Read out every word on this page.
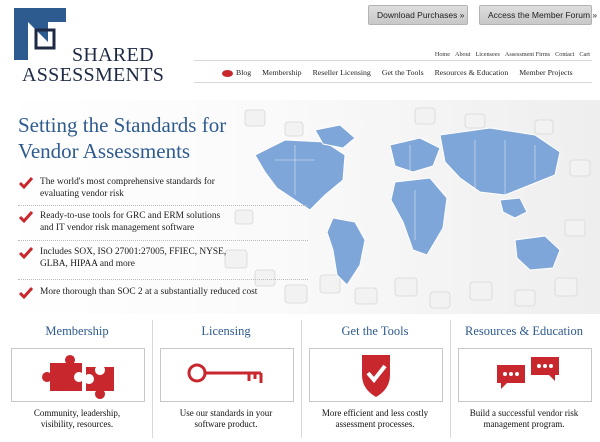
SHARED
ASSESSMENTS
Download Purchases »	Access the Member Forum »
Home About Licensees Assessment Firms Contact Cart
Blog Membership Reseller Licensing Get the Tools Resources & Education Member Projects
Setting the Standards for
Vendor Assessments
The world's most comprehensive standards for
evaluating vendor risk
Ready-to-use tools for GRC and ERM solutions
and IT vendor risk management software
Includes SOX, ISO 27001:27005, FFIEC, NYSE,
GLBA, HIPAA and more
More thorough than SOC 2 at a substantially reduced cost
Membership
Community, leadership,
visibility, resources.
Licensing
Use our standards in your
software product.
Get the Tools
More efficient and less costly
assessment processes.
Resources & Education
Build a successful vendor risk
management program.
